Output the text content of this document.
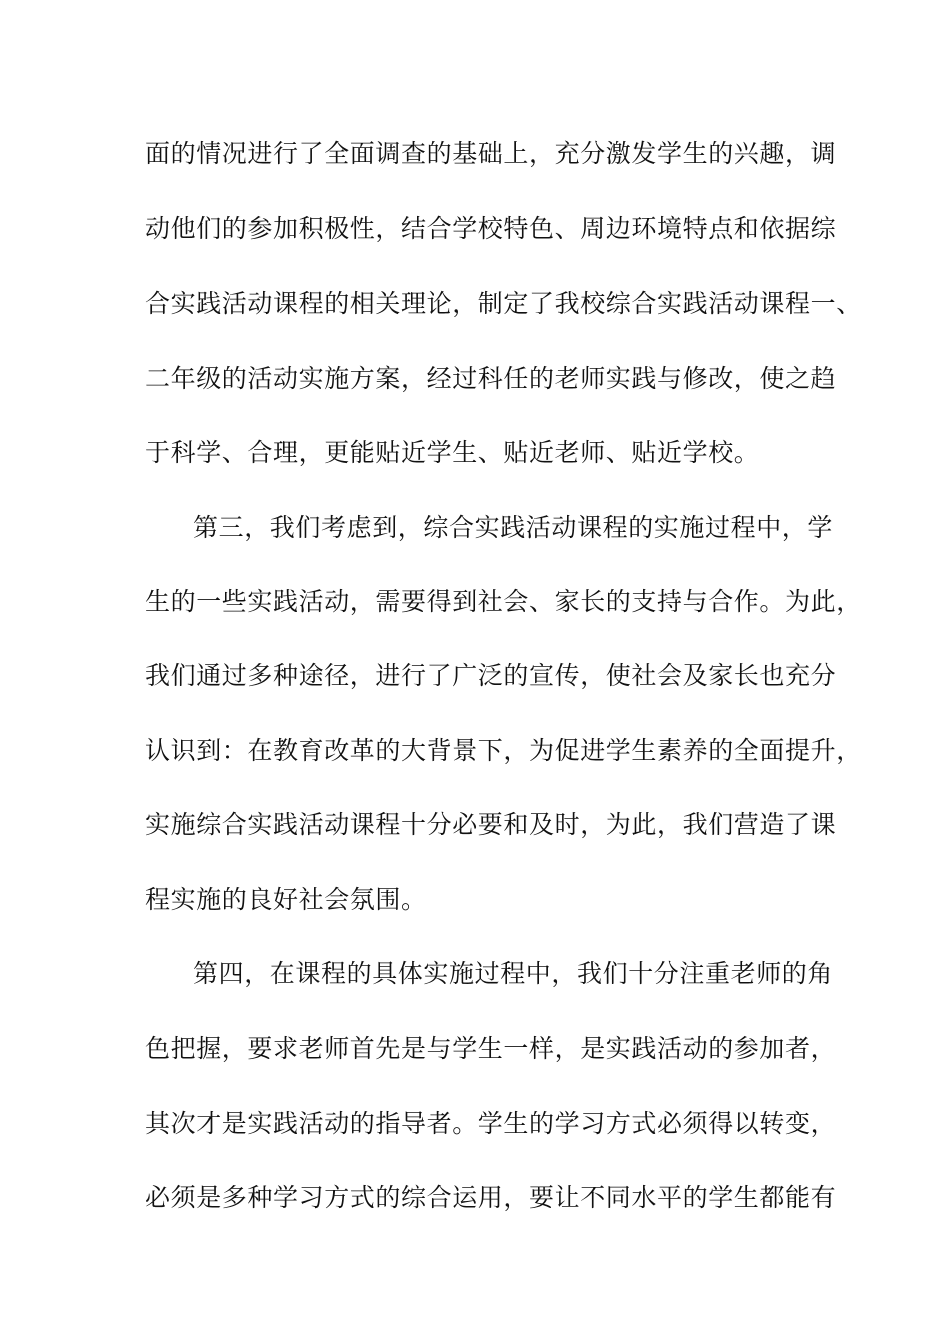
面的情况进行了全面调查的基础上，充分激发学生的兴趣，调
动他们的参加积极性，结合学校特色、周边环境特点和依据综
合实践活动课程的相关理论，制定了我校综合实践活动课程一、
二年级的活动实施方案，经过科任的老师实践与修改，使之趋
于科学、合理，更能贴近学生、贴近老师、贴近学校。
第三，我们考虑到，综合实践活动课程的实施过程中，学
生的一些实践活动，需要得到社会、家长的支持与合作。为此，
我们通过多种途径，进行了广泛的宣传，使社会及家长也充分
认识到：在教育改革的大背景下，为促进学生素养的全面提升，
实施综合实践活动课程十分必要和及时，为此，我们营造了课
程实施的良好社会氛围。
第四，在课程的具体实施过程中，我们十分注重老师的角
色把握，要求老师首先是与学生一样，是实践活动的参加者，
其次才是实践活动的指导者。学生的学习方式必须得以转变，
必须是多种学习方式的综合运用，要让不同水平的学生都能有
